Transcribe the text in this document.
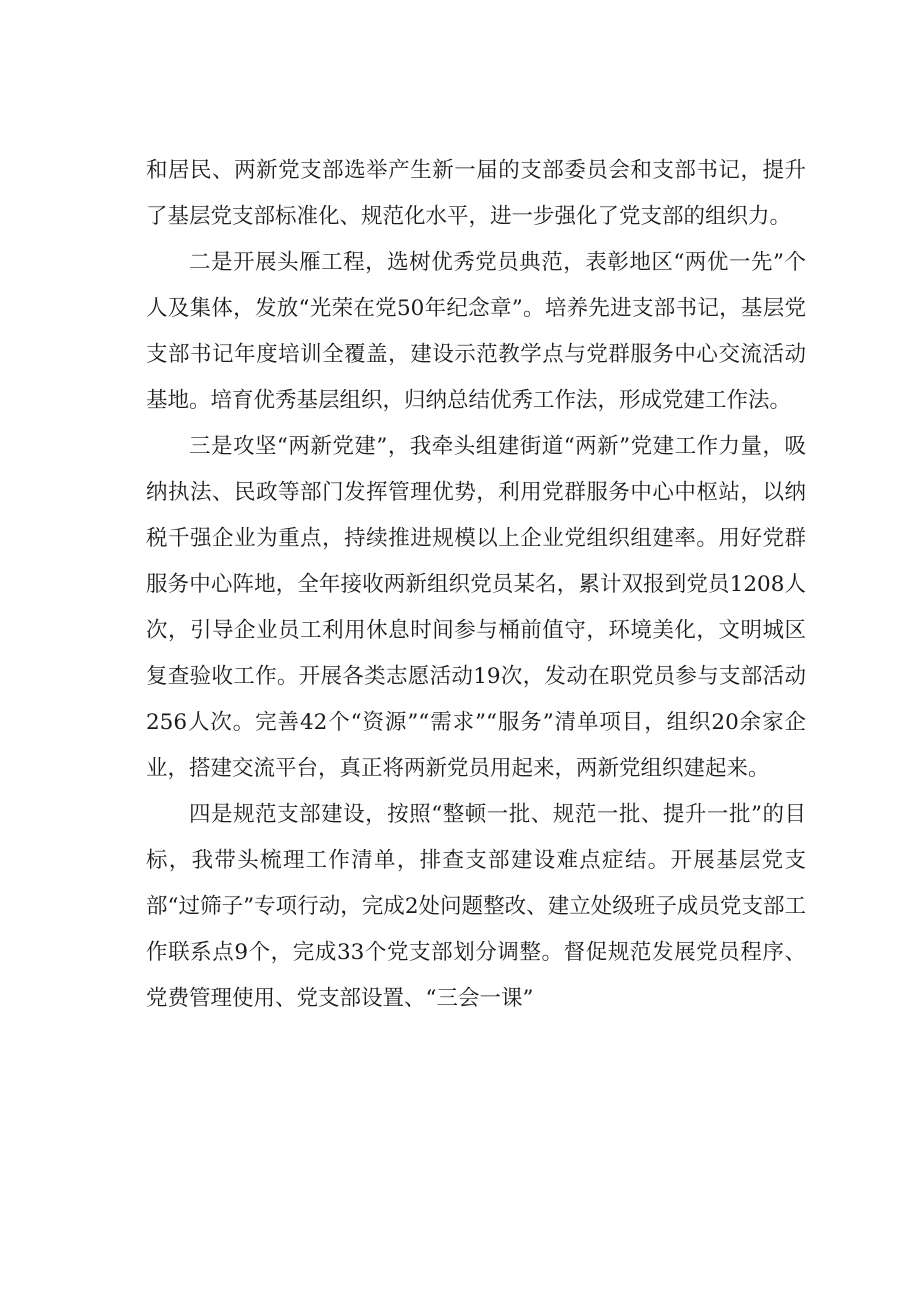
和居民、两新党支部选举产生新一届的支部委员会和支部书记，提升了基层党支部标准化、规范化水平，进一步强化了党支部的组织力。

二是开展头雁工程，选树优秀党员典范，表彰地区“两优一先”个人及集体，发放“光荣在党50年纪念章”。培养先进支部书记，基层党支部书记年度培训全覆盖，建设示范教学点与党群服务中心交流活动基地。培育优秀基层组织，归纳总结优秀工作法，形成党建工作法。

三是攻坚“两新党建”，我牵头组建街道“两新”党建工作力量，吸纳执法、民政等部门发挥管理优势，利用党群服务中心中枢站，以纳税千强企业为重点，持续推进规模以上企业党组织组建率。用好党群服务中心阵地，全年接收两新组织党员某名，累计双报到党员1208人次，引导企业员工利用休息时间参与桶前值守，环境美化，文明城区复查验收工作。开展各类志愿活动19次，发动在职党员参与支部活动256人次。完善42个“资源”“需求”“服务”清单项目，组织20余家企业，搭建交流平台，真正将两新党员用起来，两新党组织建起来。

四是规范支部建设，按照“整顿一批、规范一批、提升一批”的目标，我带头梳理工作清单，排查支部建设难点症结。开展基层党支部“过筛子”专项行动，完成2处问题整改、建立处级班子成员党支部工作联系点9个，完成33个党支部划分调整。督促规范发展党员程序、党费管理使用、党支部设置、“三会一课”
